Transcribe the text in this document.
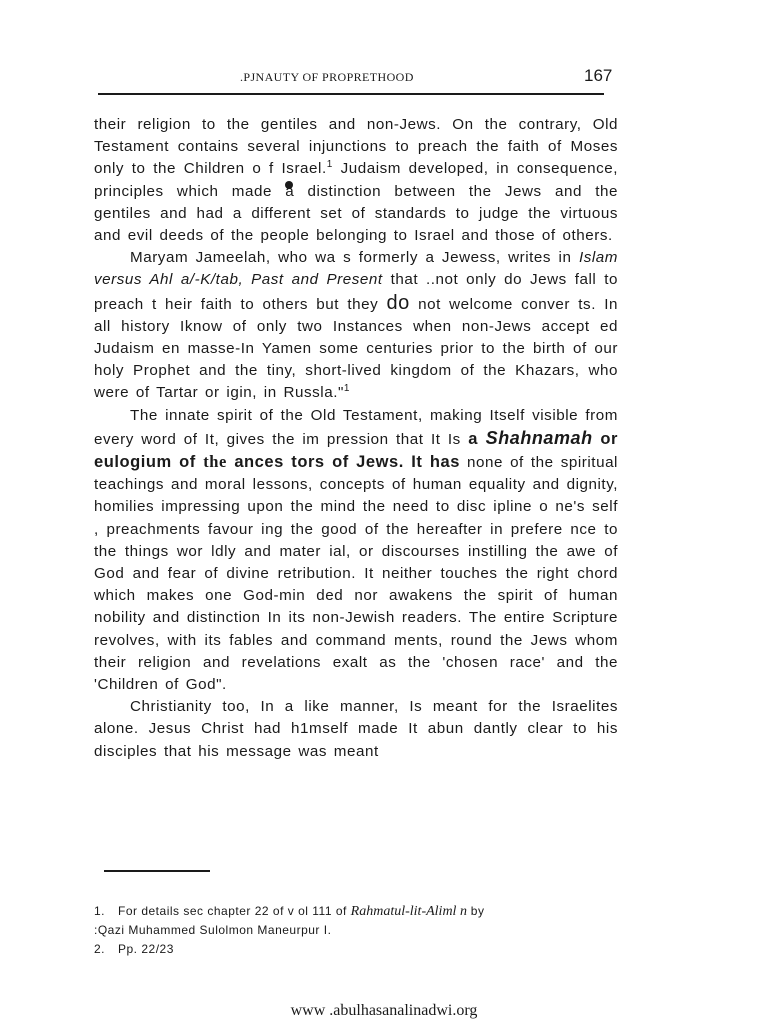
.PJNAUTY OF PROPRETHOOD	167

their religion to the gentiles and non-Jews. On the contrary, Old Testament contains several injunctions to preach the faith of Moses only to the Children o f Israel.$^1$ Judaism developed, in consequence, principles which made a distinction between the Jews and the gentiles and had a different set of standards to judge the virtuous and evil deeds of the people belonging to Israel and those of others.

Maryam Jameelah, who wa s formerly a Jewess, writes in Islam versus Ahl a/-K/tab, Past and Present that ..not only do Jews fall to preach t heir faith to others but they do not welcome conver ts. In all history Iknow of only two Instances when non-Jews accept ed Judaism en masse-In Yamen some centuries prior to the birth of our holy Prophet and the tiny, short-lived kingdom of the Khazars, who were of Tartar or igin, in Russla."$^1$

The innate spirit of the Old Testament, making Itself visible from every word of It, gives the im pression that It Is a Shahnamah or eulogium of the ances tors of Jews. It has none of the spiritual teachings and moral lessons, concepts of human equality and dignity, homilies impressing upon the mind the need to disc ipline o ne's self , preachments favour ing the good of the hereafter in prefere nce to the things wor ldly and mater ial, or discourses instilling the awe of God and fear of divine retribution. It neither touches the right chord which makes one God-min ded nor awakens the spirit of human nobility and distinction In its non-Jewish readers. The entire Scripture revolves, with its fables and command ments, round the Jews whom their religion and revelations exalt as the 'chosen race' and the 'Children of God".

Christianity too, In a like manner, Is meant for the Israelites alone. Jesus Christ had h1mself made It abun dantly clear to his disciples that his message was meant

1. For details sec chapter 22 of v ol 111 of Rahmatul-lit-Aliml n by

:Qazi Muhammed Sulolmon Maneurpur I.

2. Pp. 22/23

www .abulhasanalinadwi.org
